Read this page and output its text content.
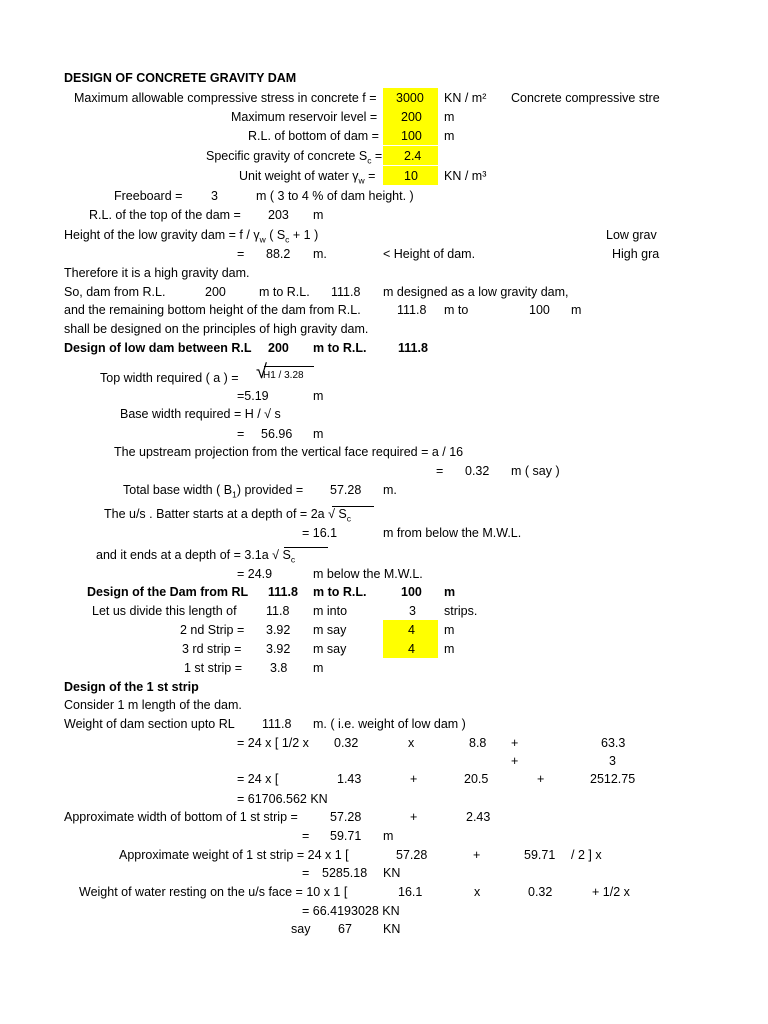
DESIGN OF CONCRETE GRAVITY DAM
Maximum allowable compressive stress in concrete f = 3000 KN / m² Concrete compressive stre
Maximum reservoir level = 200 m
R.L. of bottom of dam = 100 m
Specific gravity of concrete $S_c = 2.4$
Unit weight of water $\gamma_w = 10$ KN / m³
Freeboard = 3	m ( 3 to 4 % of dam height. )
R.L. of the top of the dam = 203 m
Height of the low gravity dam = f / $\gamma_w$ ( $S_c + 1$ )	Low grav
= 88.2 m.	< Height of dam.	High gra
Therefore it is a high gravity dam.
So, dam from R.L.	200	m to R.L. 111.8 m designed as a low gravity dam,
and the remaining bottom height of the dam from R.L.	111.8 m to	100 m
shall be designed on the principles of high gravity dam.
Design of low dam between R.L 200 m to R.L.	111.8
Top width required ( a ) = √
H1 / 3.28
=5.19	m
Base width required = H / √ s
= 56.96 m
The upstream projection from the vertical face required = a / 16
= 0.32 m ( say )
Total base width ( $B_1$) provided = 57.28 m.
The u/s . Batter starts at a depth of = 2a √ $S_c$
= 16.1	m from below the M.W.L.
and it ends at a depth of = 3.1a √ $S_c$
= 24.9	m below the M.W.L.
Design of the Dam from RL 111.8 m to R.L.	100 m
Let us divide this length of 11.8 m into	3 strips.
2 nd Strip = 3.92 m say	4 m
3 rd strip = 3.92 m say	4 m
1 st strip = 3.8 m
Design of the 1 st strip
Consider 1 m length of the dam.
Weight of dam section upto RL 111.8 m. ( i.e. weight of low dam )
= 24 x [ 1/2 x 0.32	x	8.8 +	63.3
+	3
= 24 x [	1.43	+	20.5	+	2512.75
= 61706.562 KN
Approximate width of bottom of 1 st strip =	57.28	+	2.43
= 59.71 m
Approximate weight of 1 st strip = 24 x 1 [	57.28	+	59.71 / 2 ] x
= 5285.18 KN
Weight of water resting on the u/s face = 10 x 1 [	16.1	x	0.32	+ 1/2 x
= 66.4193028 KN
say 67 KN
